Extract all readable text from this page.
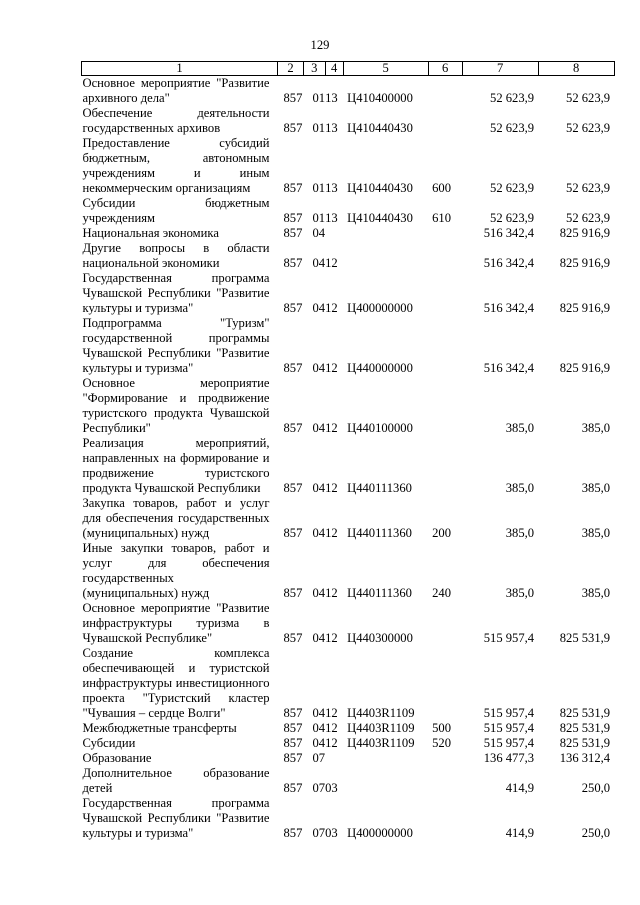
129
1	2	3	4	5	6	7	8
Основное мероприятие "Развитие архивного дела"	857	01	13	Ц410400000		52 623,9	52 623,9
Обеспечение деятельности государственных архивов	857	01	13	Ц410440430		52 623,9	52 623,9
Предоставление субсидий бюджетным, автономным учреждениям и иным некоммерческим организациям	857	01	13	Ц410440430	600	52 623,9	52 623,9
Субсидии бюджетным учреждениям	857	01	13	Ц410440430	610	52 623,9	52 623,9
Национальная экономика	857	04				516 342,4	825 916,9
Другие вопросы в области национальной экономики	857	04	12			516 342,4	825 916,9
Государственная программа Чувашской Республики "Развитие культуры и туризма"	857	04	12	Ц400000000		516 342,4	825 916,9
Подпрограмма "Туризм" государственной программы Чувашской Республики "Развитие культуры и туризма"	857	04	12	Ц440000000		516 342,4	825 916,9
Основное мероприятие "Формирование и продвижение туристского продукта Чувашской Республики"	857	04	12	Ц440100000		385,0	385,0
Реализация мероприятий, направленных на формирование и продвижение туристского продукта Чувашской Республики	857	04	12	Ц440111360		385,0	385,0
Закупка товаров, работ и услуг для обеспечения государственных (муниципальных) нужд	857	04	12	Ц440111360	200	385,0	385,0
Иные закупки товаров, работ и услуг для обеспечения государственных (муниципальных) нужд	857	04	12	Ц440111360	240	385,0	385,0
Основное мероприятие "Развитие инфраструктуры туризма в Чувашской Республике"	857	04	12	Ц440300000		515 957,4	825 531,9
Создание комплекса обеспечивающей и туристской инфраструктуры инвестиционного проекта "Туристский кластер "Чувашия – сердце Волги"	857	04	12	Ц4403R1109		515 957,4	825 531,9
Межбюджетные трансферты	857	04	12	Ц4403R1109	500	515 957,4	825 531,9
Субсидии	857	04	12	Ц4403R1109	520	515 957,4	825 531,9
Образование	857	07				136 477,3	136 312,4
Дополнительное образование детей	857	07	03			414,9	250,0
Государственная программа Чувашской Республики "Развитие культуры и туризма"	857	07	03	Ц400000000		414,9	250,0
